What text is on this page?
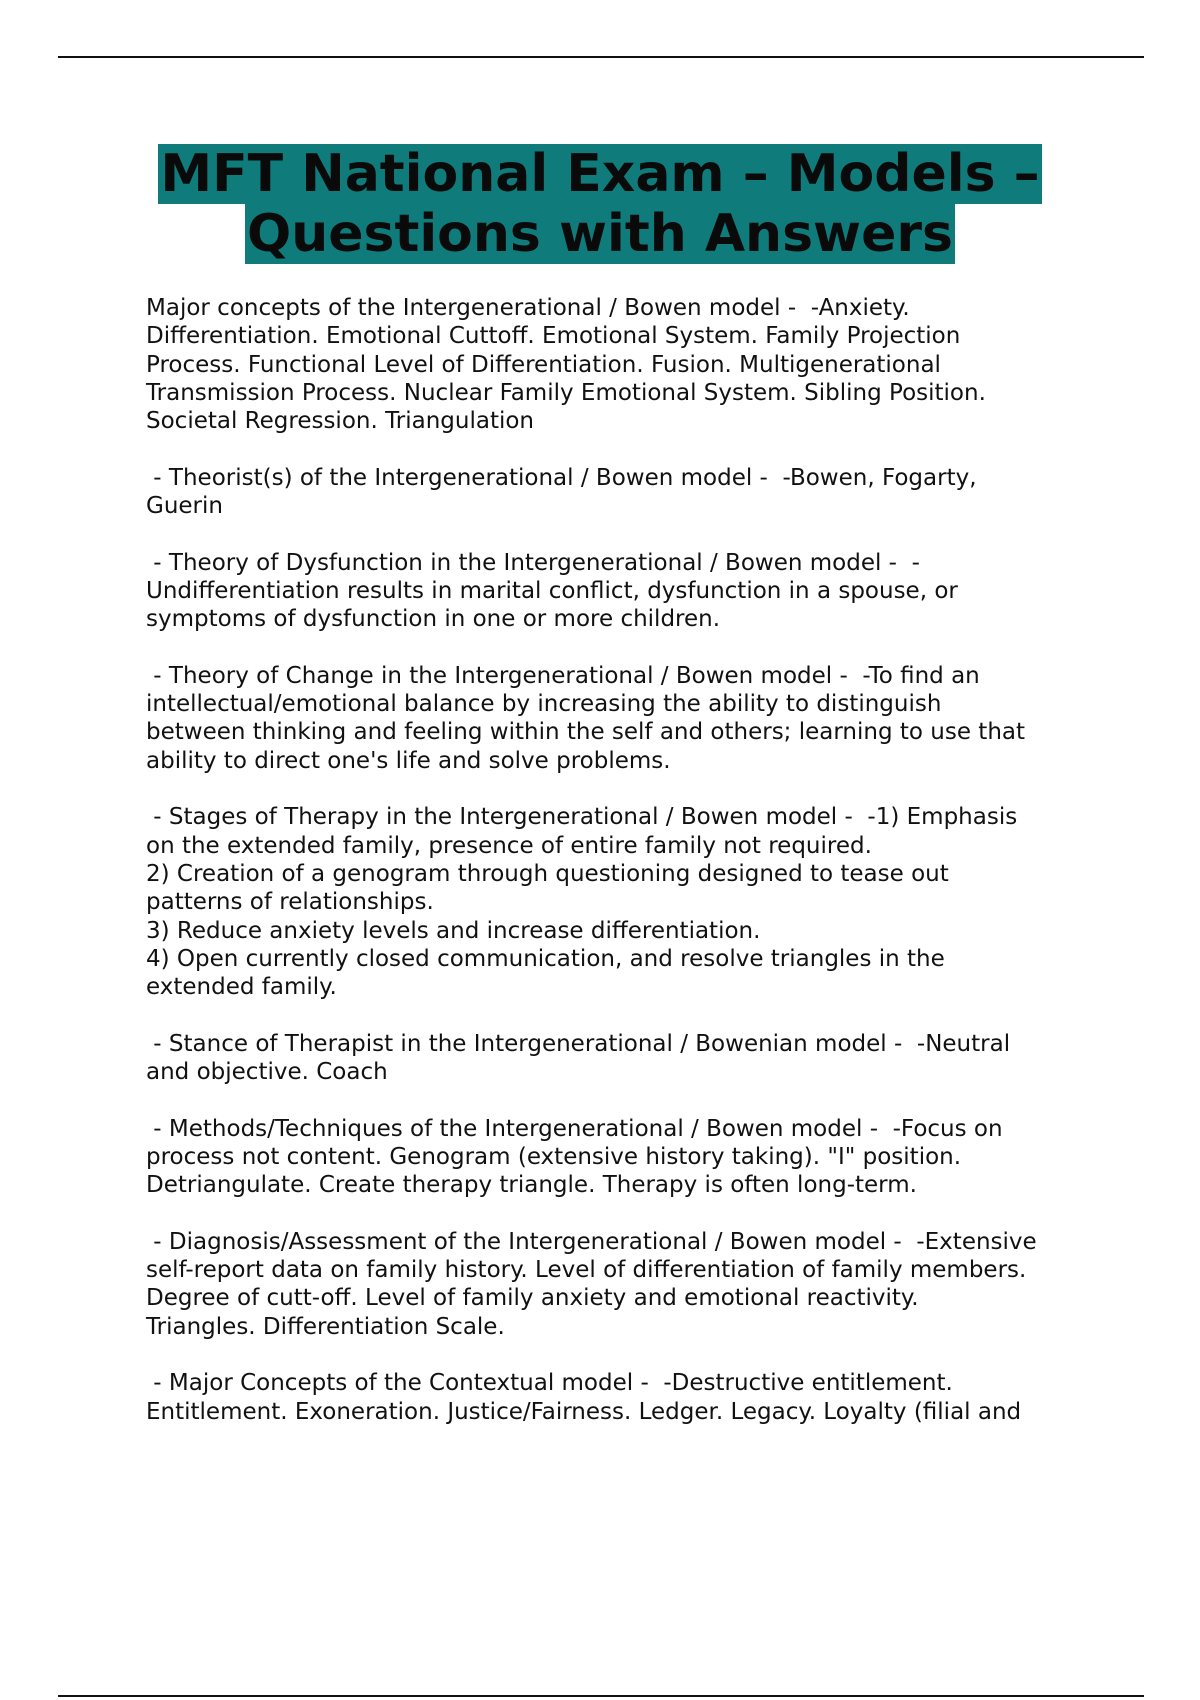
MFT National Exam – Models –
Questions with Answers
Major concepts of the Intergenerational / Bowen model -  -Anxiety.
Differentiation. Emotional Cuttoff. Emotional System. Family Projection
Process. Functional Level of Differentiation. Fusion. Multigenerational
Transmission Process. Nuclear Family Emotional System. Sibling Position.
Societal Regression. Triangulation
- Theorist(s) of the Intergenerational / Bowen model -  -Bowen, Fogarty,
Guerin
- Theory of Dysfunction in the Intergenerational / Bowen model -  -
Undifferentiation results in marital conflict, dysfunction in a spouse, or
symptoms of dysfunction in one or more children.
- Theory of Change in the Intergenerational / Bowen model -  -To find an
intellectual/emotional balance by increasing the ability to distinguish
between thinking and feeling within the self and others; learning to use that
ability to direct one's life and solve problems.
- Stages of Therapy in the Intergenerational / Bowen model -  -1) Emphasis
on the extended family, presence of entire family not required.
2) Creation of a genogram through questioning designed to tease out
patterns of relationships.
3) Reduce anxiety levels and increase differentiation.
4) Open currently closed communication, and resolve triangles in the
extended family.
- Stance of Therapist in the Intergenerational / Bowenian model -  -Neutral
and objective. Coach
- Methods/Techniques of the Intergenerational / Bowen model -  -Focus on
process not content. Genogram (extensive history taking). "I" position.
Detriangulate. Create therapy triangle. Therapy is often long-term.
- Diagnosis/Assessment of the Intergenerational / Bowen model -  -Extensive
self-report data on family history. Level of differentiation of family members.
Degree of cutt-off. Level of family anxiety and emotional reactivity.
Triangles. Differentiation Scale.
- Major Concepts of the Contextual model -  -Destructive entitlement.
Entitlement. Exoneration. Justice/Fairness. Ledger. Legacy. Loyalty (filial and
